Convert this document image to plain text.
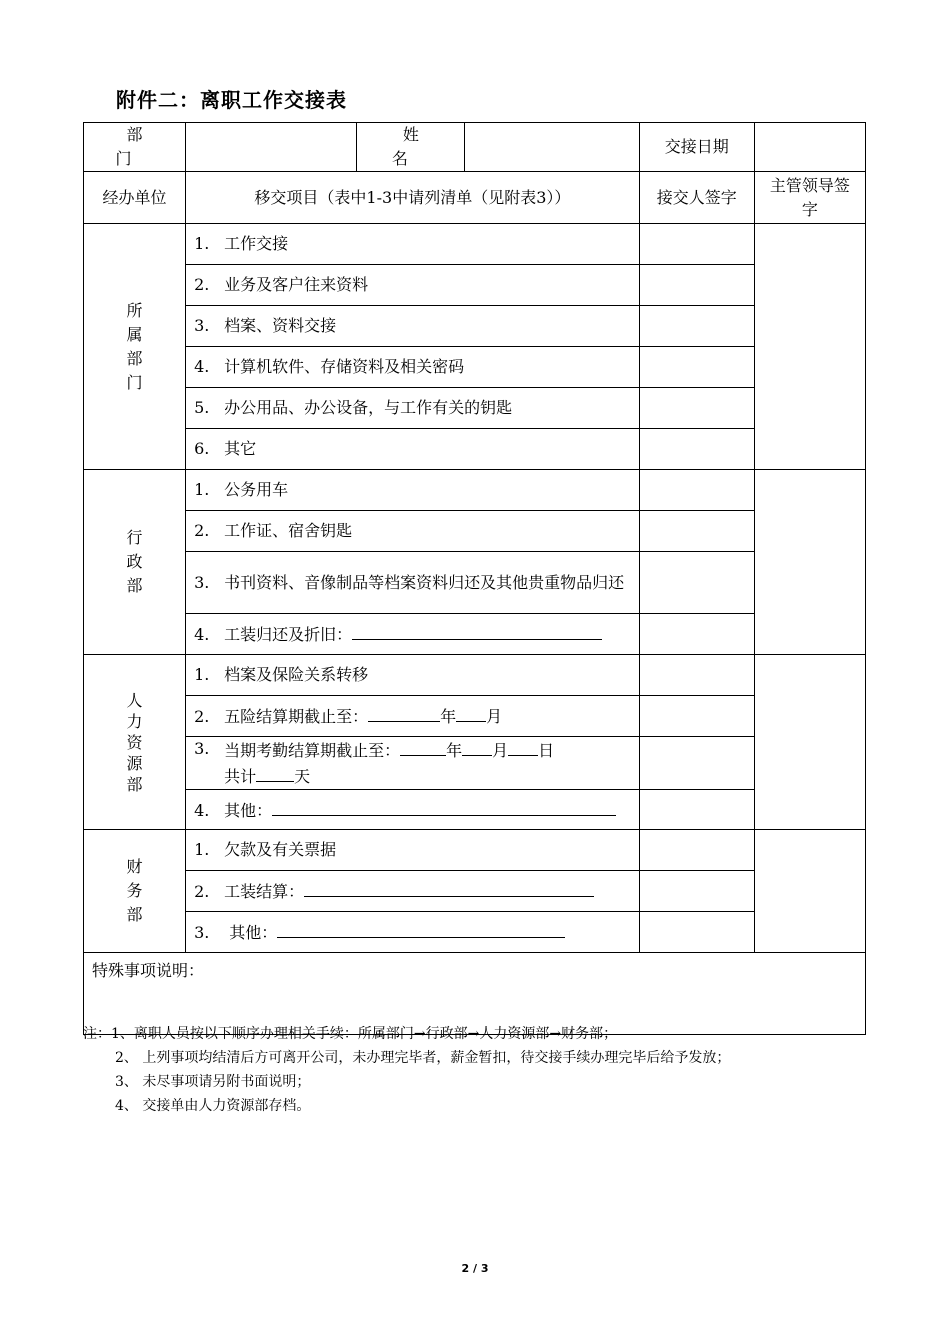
附件二：离职工作交接表
部 门		姓 名		交接日期	
经办单位	移交项目（表中1-3中请列清单（见附表3））			接交人签字	主管领导签字

所
属
部
门	1. 工作交接				
	2. 业务及客户往来资料				
	3. 档案、资料交接				
	4. 计算机软件、存储资料及相关密码				
	5. 办公用品、办公设备，与工作有关的钥匙				
	6. 其它				

行
政
部	1. 公务用车				
	2. 工作证、宿舍钥匙				

	3. 书刊资料、音像制品等档案资料归还及其他贵重物品归还				

	4. 工装归还及折旧：				

人
力
资
源
部	1. 档案及保险关系转移				
	2. 五险结算期截止至： 年 月				

	3. 当期考勤结算期截止至： 年 月 日
共计 天				

	4. 其他：				

财
务
部	1. 欠款及有关票据				
	2. 工装结算：				
	3. 其他：				
特殊事项说明：					
注：1、离职人员按以下顺序办理相关手续：所属部门→行政部→人力资源部→财务部；
2、 上列事项均结清后方可离开公司，未办理完毕者，薪金暂扣，待交接手续办理完毕后给予发放；
3、 未尽事项请另附书面说明；
4、 交接单由人力资源部存档。
2 / 3
